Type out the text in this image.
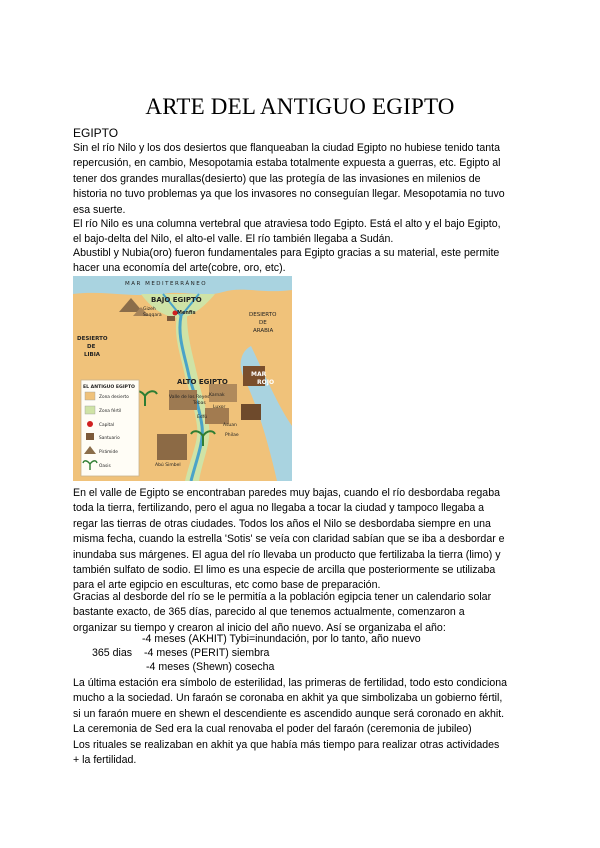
ARTE DEL ANTIGUO EGIPTO
EGIPTO
Sin el río Nilo y los dos desiertos que flanqueaban la ciudad Egipto no hubiese tenido tanta
repercusión, en cambio, Mesopotamia estaba totalmente expuesta a guerras, etc. Egipto al
tener dos grandes murallas(desierto) que las protegía de las invasiones en milenios de
historia no tuvo problemas ya que los invasores no conseguían llegar. Mesopotamia no tuvo
esa suerte.
El río Nilo es una columna vertebral que atraviesa todo Egipto. Está el alto y el bajo Egipto,
el bajo-delta del Nilo, el alto-el valle. El río también llegaba a Sudán.
Abustibl y Nubia(oro) fueron fundamentales para Egipto gracias a su material, este permite
hacer una economía del arte(cobre, oro, etc).
MAR MEDITERRÁNEO
BAJO EGIPTO
ALTO EGIPTO
DESIERTO
DE
LIBIA
DESIERTO
DE
ARABIA
MAR
ROJO
Gizeh
Saqqara	Menfis
Valle de los Reyes
Tebas
Karnak
Luxor
Edfú
Asuan
Philae
Abú Simbel
EL ANTIGUO EGIPTO
Zona desierto
Zona fértil
Capital
Santuario
Pirámide
Oasis
En el valle de Egipto se encontraban paredes muy bajas, cuando el río desbordaba regaba
toda la tierra, fertilizando, pero el agua no llegaba a tocar la ciudad y tampoco llegaba a
regar las tierras de otras ciudades. Todos los años el Nilo se desbordaba siempre en una
misma fecha, cuando la estrella 'Sotis' se veía con claridad sabían que se iba a desbordar e
inundaba sus márgenes. El agua del río llevaba un producto que fertilizaba la tierra (limo) y
también sulfato de sodio. El limo es una especie de arcilla que posteriormente se utilizaba
para el arte egipcio en esculturas, etc como base de preparación.
Gracias al desborde del río se le permitía a la población egipcia tener un calendario solar
bastante exacto, de 365 días, parecido al que tenemos actualmente, comenzaron a
organizar su tiempo y crearon al inicio del año nuevo. Así se organizaba el año:
-4 meses (AKHIT) Tybi=inundación, por lo tanto, año nuevo
365 dias -4 meses (PERIT) siembra
-4 meses (Shewn) cosecha
La última estación era símbolo de esterilidad, las primeras de fertilidad, todo esto condiciona
mucho a la sociedad. Un faraón se coronaba en akhit ya que simbolizaba un gobierno fértil,
si un faraón muere en shewn el descendiente es ascendido aunque será coronado en akhit.
La ceremonia de Sed era la cual renovaba el poder del faraón (ceremonia de jubileo)
Los rituales se realizaban en akhit ya que había más tiempo para realizar otras actividades
+ la fertilidad.
